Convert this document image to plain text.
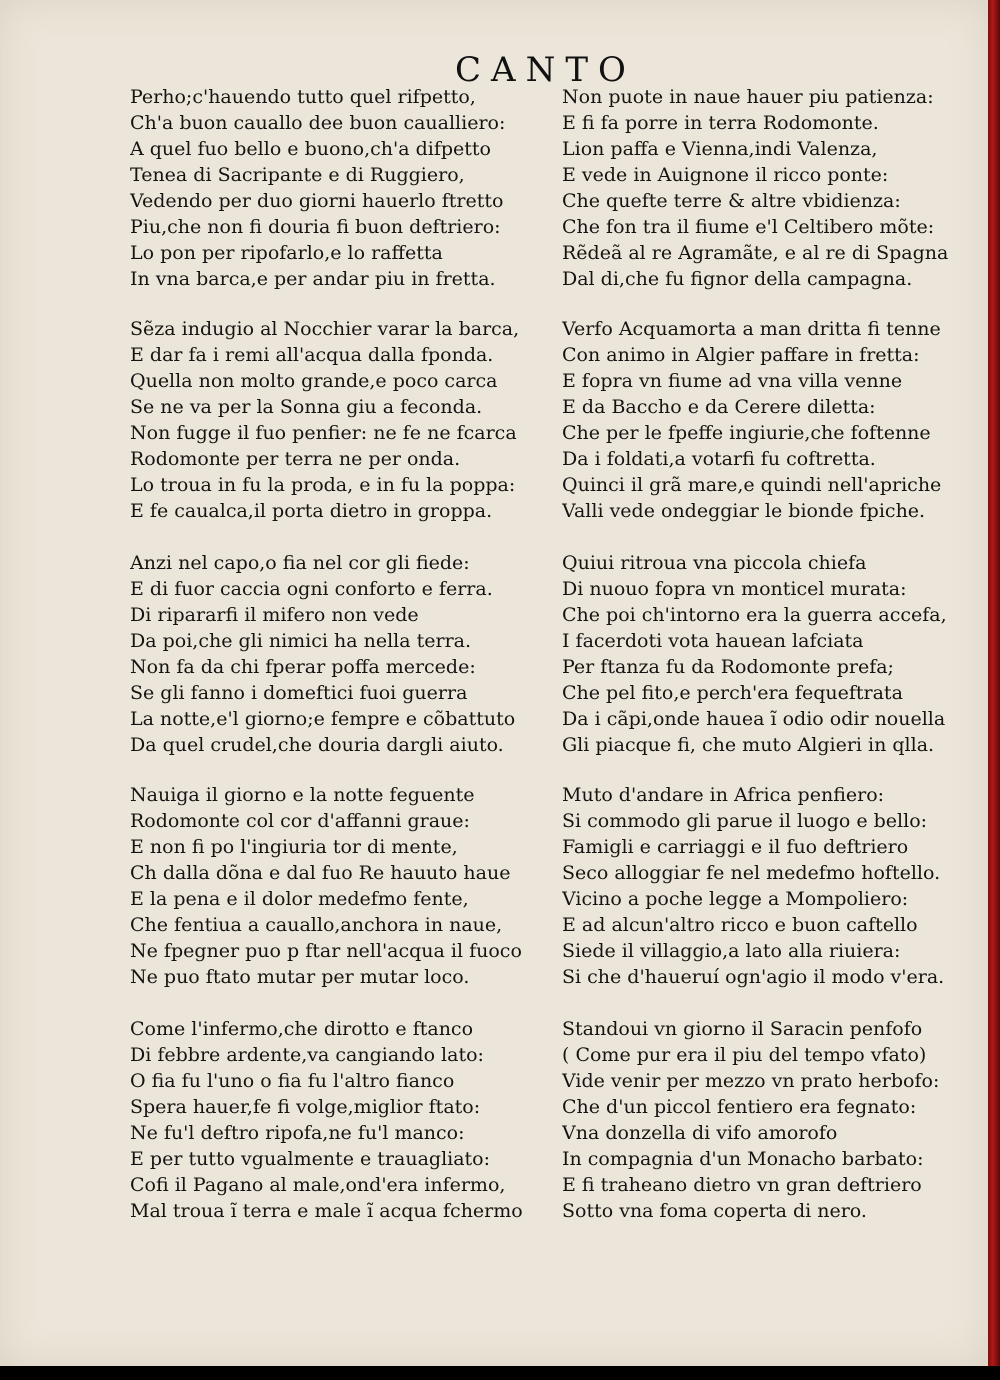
CANTO
Perho;c'hauendo tutto quel rifpetto,
Ch'a buon cauallo dee buon caualliero:
A quel fuo bello e buono,ch'a difpetto
Tenea di Sacripante e di Ruggiero,
Vedendo per duo giorni hauerlo ftretto
Piu,che non fi douria fi buon deftriero:
Lo pon per ripofarlo,e lo raffetta
In vna barca,e per andar piu in fretta.
Sẽza indugio al Nocchier varar la barca,
E dar fa i remi all'acqua dalla fponda.
Quella non molto grande,e poco carca
Se ne va per la Sonna giu a feconda.
Non fugge il fuo penfier: ne fe ne fcarca
Rodomonte per terra ne per onda.
Lo troua in fu la proda, e in fu la poppa:
E fe caualca,il porta dietro in groppa.
Anzi nel capo,o fia nel cor gli fiede:
E di fuor caccia ogni conforto e ferra.
Di ripararfi il mifero non vede
Da poi,che gli nimici ha nella terra.
Non fa da chi fperar poffa mercede:
Se gli fanno i domeftici fuoi guerra
La notte,e'l giorno;e fempre e cõbattuto
Da quel crudel,che douria dargli aiuto.
Nauiga il giorno e la notte feguente
Rodomonte col cor d'affanni graue:
E non fi po l'ingiuria tor di mente,
Ch dalla dõna e dal fuo Re hauuto haue
E la pena e il dolor medefmo fente,
Che fentiua a cauallo,anchora in naue,
Ne fpegner puo p ftar nell'acqua il fuoco
Ne puo ftato mutar per mutar loco.
Come l'infermo,che dirotto e ftanco
Di febbre ardente,va cangiando lato:
O fia fu l'uno o fia fu l'altro fianco
Spera hauer,fe fi volge,miglior ftato:
Ne fu'l deftro ripofa,ne fu'l manco:
E per tutto vgualmente e trauagliato:
Cofi il Pagano al male,ond'era infermo,
Mal troua ĩ terra e male ĩ acqua fchermo
Non puote in naue hauer piu patienza:
E fi fa porre in terra Rodomonte.
Lion paffa e Vienna,indi Valenza,
E vede in Auignone il ricco ponte:
Che quefte terre & altre vbidienza:
Che fon tra il fiume e'l Celtibero mõte:
Rẽdeã al re Agramãte, e al re di Spagna
Dal di,che fu fignor della campagna.
Verfo Acquamorta a man dritta fi tenne
Con animo in Algier paffare in fretta:
E fopra vn fiume ad vna villa venne
E da Baccho e da Cerere diletta:
Che per le fpeffe ingiurie,che foftenne
Da i foldati,a votarfi fu coftretta.
Quinci il grã mare,e quindi nell'apriche
Valli vede ondeggiar le bionde fpiche.
Quiui ritroua vna piccola chiefa
Di nuouo fopra vn monticel murata:
Che poi ch'intorno era la guerra accefa,
I facerdoti vota hauean lafciata
Per ftanza fu da Rodomonte prefa;
Che pel fito,e perch'era fequeftrata
Da i cãpi,onde hauea ĩ odio odir nouella
Gli piacque fi, che muto Algieri in qlla.
Muto d'andare in Africa penfiero:
Si commodo gli parue il luogo e bello:
Famigli e carriaggi e il fuo deftriero
Seco alloggiar fe nel medefmo hoftello.
Vicino a poche legge a Mompoliero:
E ad alcun'altro ricco e buon caftello
Siede il villaggio,a lato alla riuiera:
Si che d'haueruí ogn'agio il modo v'era.
Standoui vn giorno il Saracin penfofo
( Come pur era il piu del tempo vfato)
Vide venir per mezzo vn prato herbofo:
Che d'un piccol fentiero era fegnato:
Vna donzella di vifo amorofo
In compagnia d'un Monacho barbato:
E fi traheano dietro vn gran deftriero
Sotto vna foma coperta di nero.
